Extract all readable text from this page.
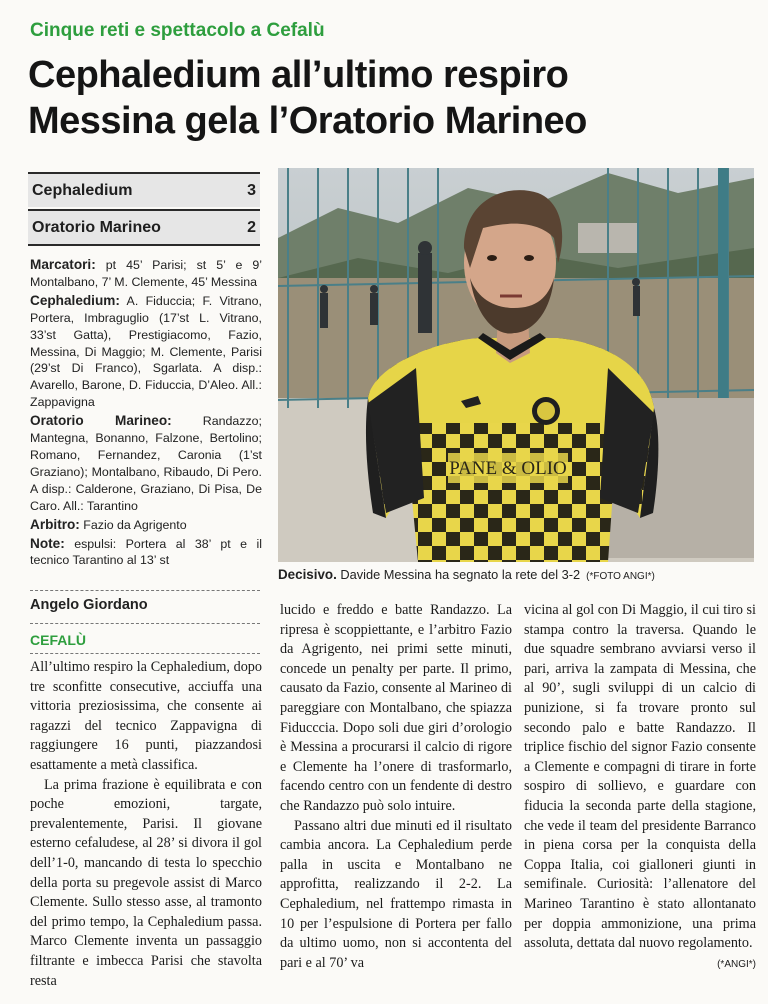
Cinque reti e spettacolo a Cefalù
Cephaledium all’ultimo respiro
Messina gela l’Oratorio Marineo
Cephaledium	3
Oratorio Marineo	2

Marcatori: pt 45’ Parisi; st 5’ e 9’ Montalbano, 7’ M. Clemente, 45’ Messina

Cephaledium: A. Fiduccia; F. Vitrano, Portera, Imbraguglio (17’st L. Vitrano, 33’st Gatta), Prestigiacomo, Fazio, Messina, Di Maggio; M. Clemente, Parisi (29’st Di Franco), Sgarlata. A disp.: Avarello, Barone, D. Fiduccia, D’Aleo. All.: Zappavigna

Oratorio Marineo: Randazzo; Mantegna, Bonanno, Falzone, Bertolino; Romano, Fernandez, Caronia (1’st Graziano); Montalbano, Ribaudo, Di Pero. A disp.: Calderone, Graziano, Di Pisa, De Caro. All.: Tarantino

Arbitro: Fazio da Agrigento

Note: espulsi: Portera al 38’ pt e il tecnico Tarantino al 13’ st

Angelo Giordano
CEFALÙ
PANE & OLIO
Decisivo. Davide Messina ha segnato la rete del 3-2 (*FOTO ANGI*)

All’ultimo respiro la Cephaledium, dopo tre sconfitte consecutive, acciuffa una vittoria preziosissima, che consente ai ragazzi del tecnico Zappavigna di raggiungere 16 punti, piazzandosi esattamente a metà classifica.

La prima frazione è equilibrata e con poche emozioni, targate, prevalentemente, Parisi. Il giovane esterno cefaludese, al 28’ si divora il gol dell’1-0, mancando di testa lo specchio della porta su pregevole assist di Marco Clemente. Sullo stesso asse, al tramonto del primo tempo, la Cephaledium passa. Marco Clemente inventa un passaggio filtrante e imbecca Parisi che stavolta resta

lucido e freddo e batte Randazzo. La ripresa è scoppiettante, e l’arbitro Fazio da Agrigento, nei primi sette minuti, concede un penalty per parte. Il primo, causato da Fazio, consente al Marineo di pareggiare con Montalbano, che spiazza Fiducccia. Dopo soli due giri d’orologio è Messina a procurarsi il calcio di rigore e Clemente ha l’onere di trasformarlo, facendo centro con un fendente di destro che Randazzo può solo intuire.

Passano altri due minuti ed il risultato cambia ancora. La Cephaledium perde palla in uscita e Montalbano ne approfitta, realizzando il 2-2. La Cephaledium, nel frattempo rimasta in 10 per l’espulsione di Portera per fallo da ultimo uomo, non si accontenta del pari e al 70’ va

vicina al gol con Di Maggio, il cui tiro si stampa contro la traversa. Quando le due squadre sembrano avviarsi verso il pari, arriva la zampata di Messina, che al 90’, sugli sviluppi di un calcio di punizione, si fa trovare pronto sul secondo palo e batte Randazzo. Il triplice fischio del signor Fazio consente a Clemente e compagni di tirare in forte sospiro di sollievo, e guardare con fiducia la seconda parte della stagione, che vede il team del presidente Barranco in piena corsa per la conquista della Coppa Italia, coi gialloneri giunti in semifinale. Curiosità: l’allenatore del Marineo Tarantino è stato allontanato per doppia ammonizione, una prima assoluta, dettata dal nuovo regolamento.

(*ANGI*)
